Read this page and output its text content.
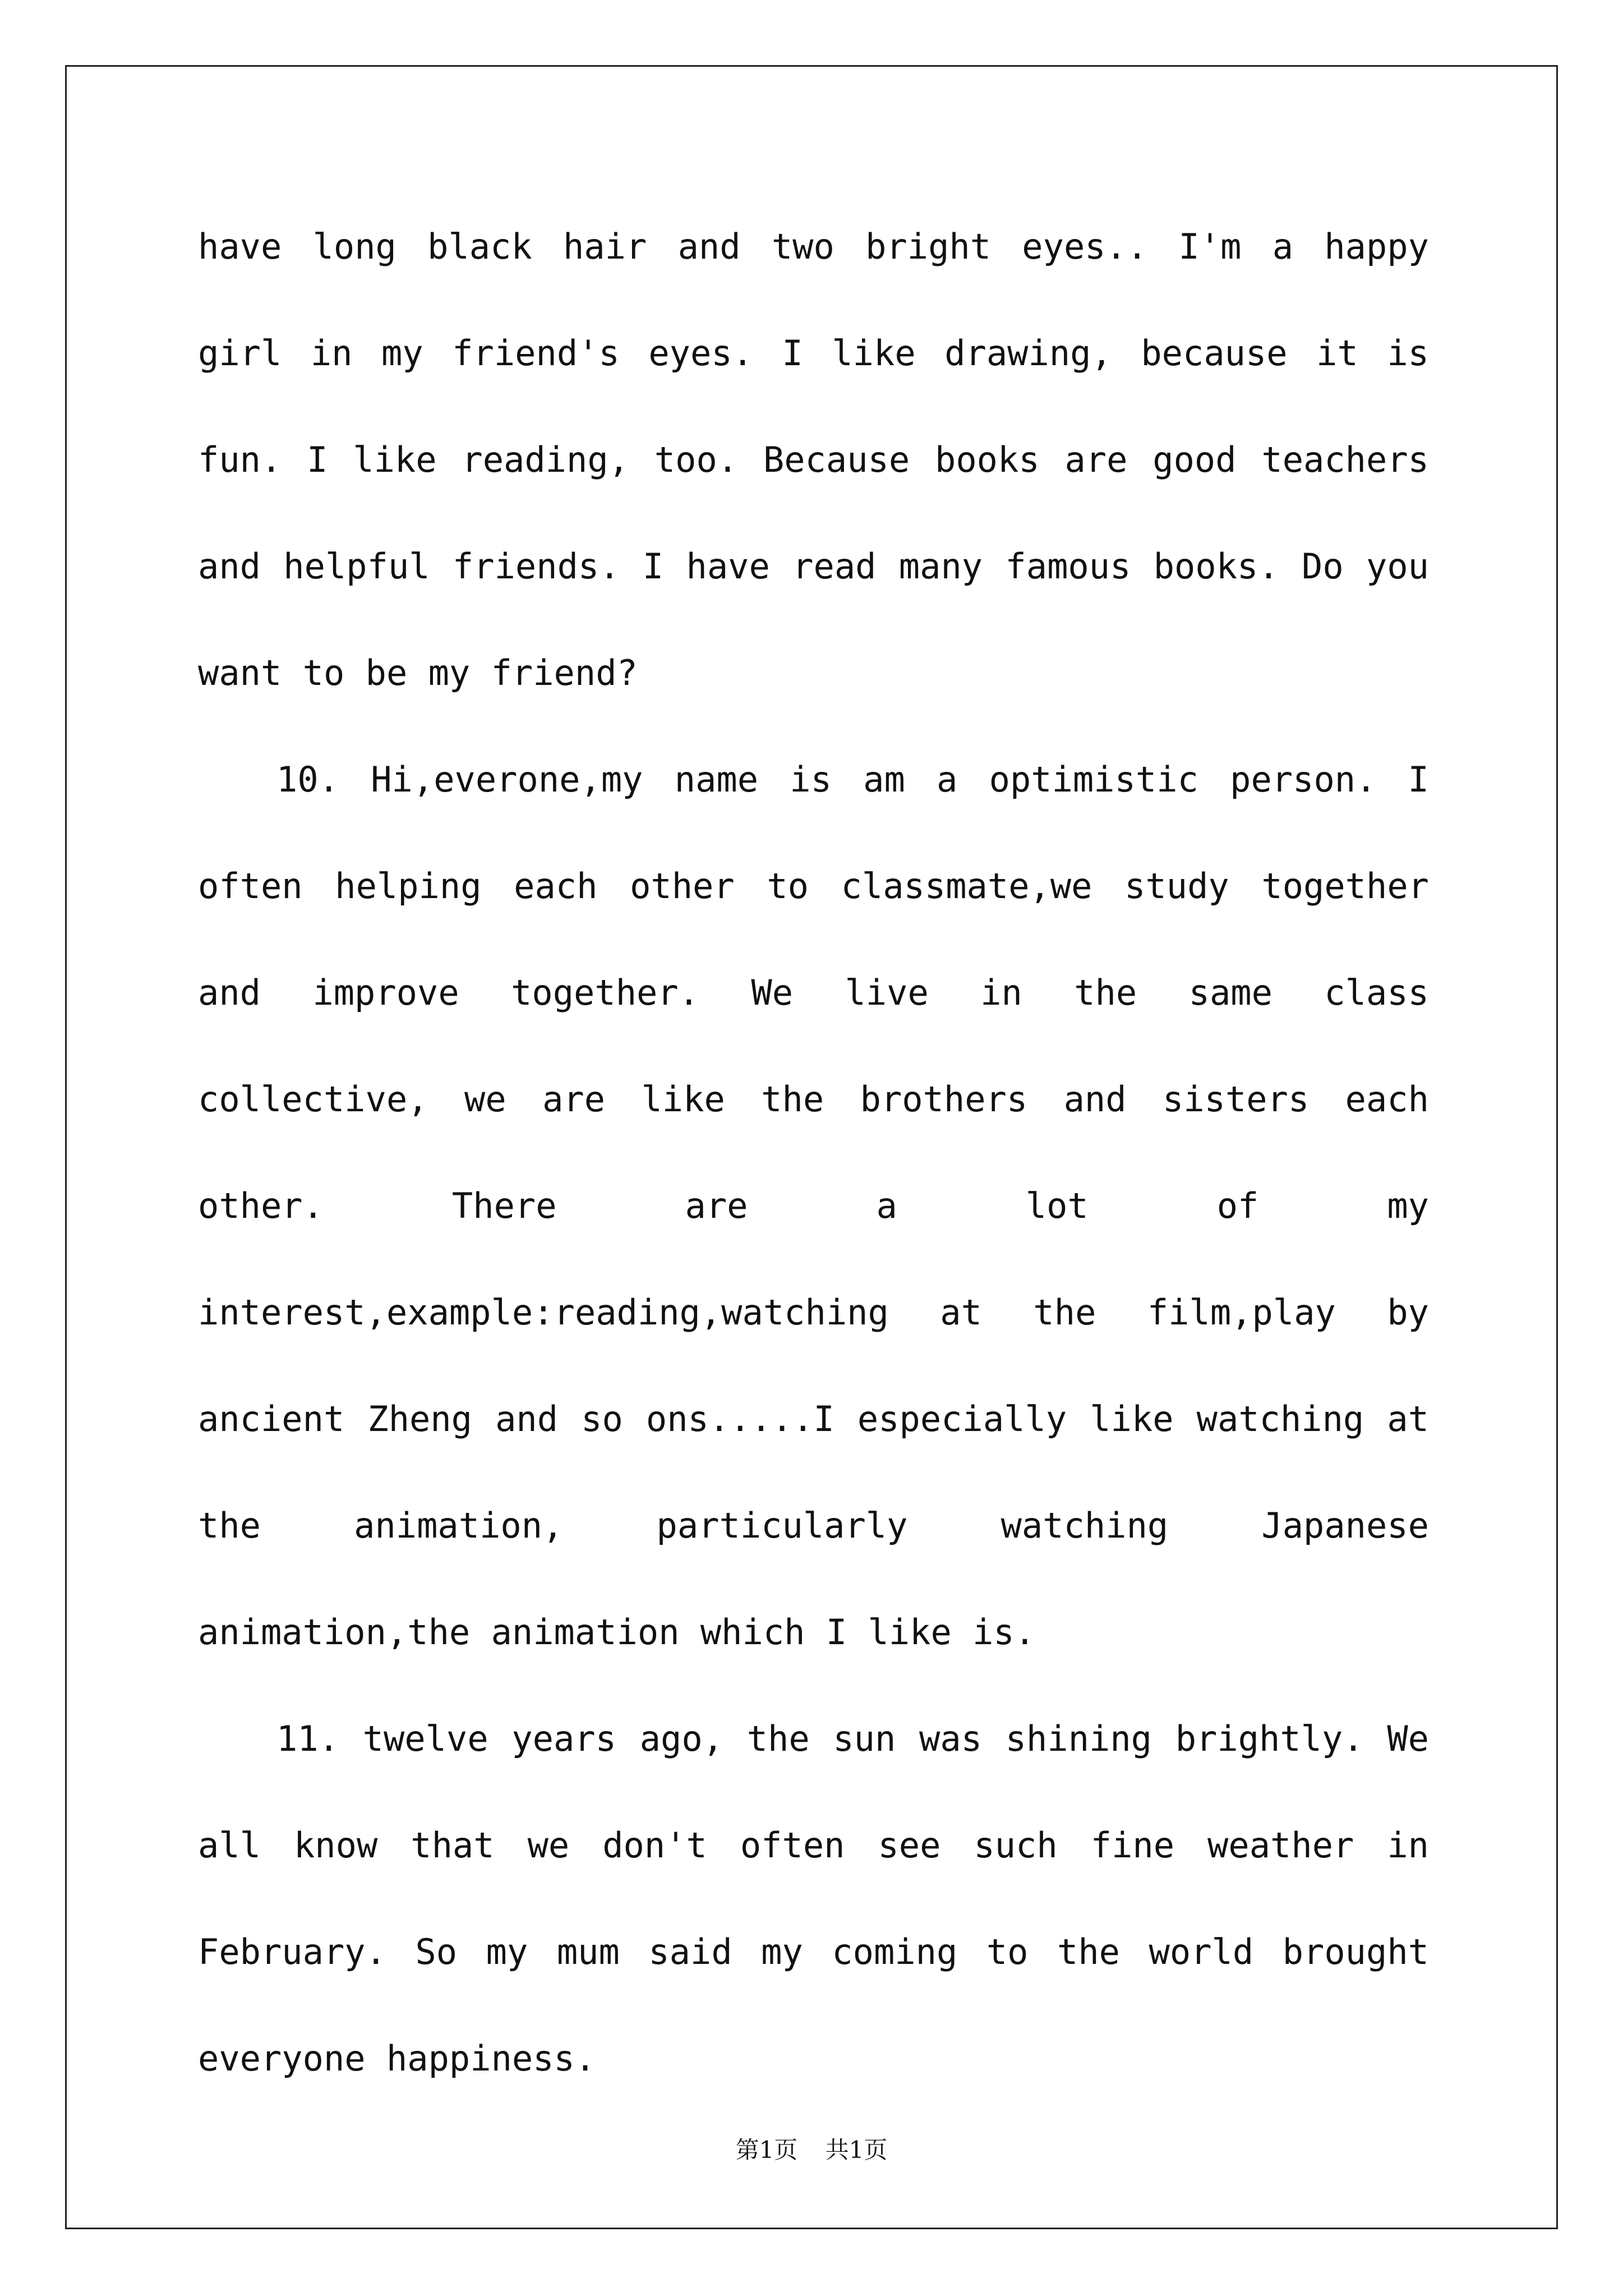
have long black hair and two bright eyes.. I'm a happy girl in my friend's eyes. I like drawing, because it is fun. I like reading, too. Because books are good teachers and helpful friends. I have read many famous books. Do you want to be my friend?

10. Hi,everone,my name is am a optimistic person. I often helping each other to classmate,we study together and improve together. We live in the same class collective, we are like the brothers and sisters each other. There are a lot of my interest,example:reading,watching at the film,play by ancient Zheng and so ons.....I especially like watching at the animation, particularly watching Japanese animation,the animation which I like is.

11. twelve years ago, the sun was shining brightly. We all know that we don't often see such fine weather in February. So my mum said my coming to the world brought everyone happiness.

第1页 共1页
